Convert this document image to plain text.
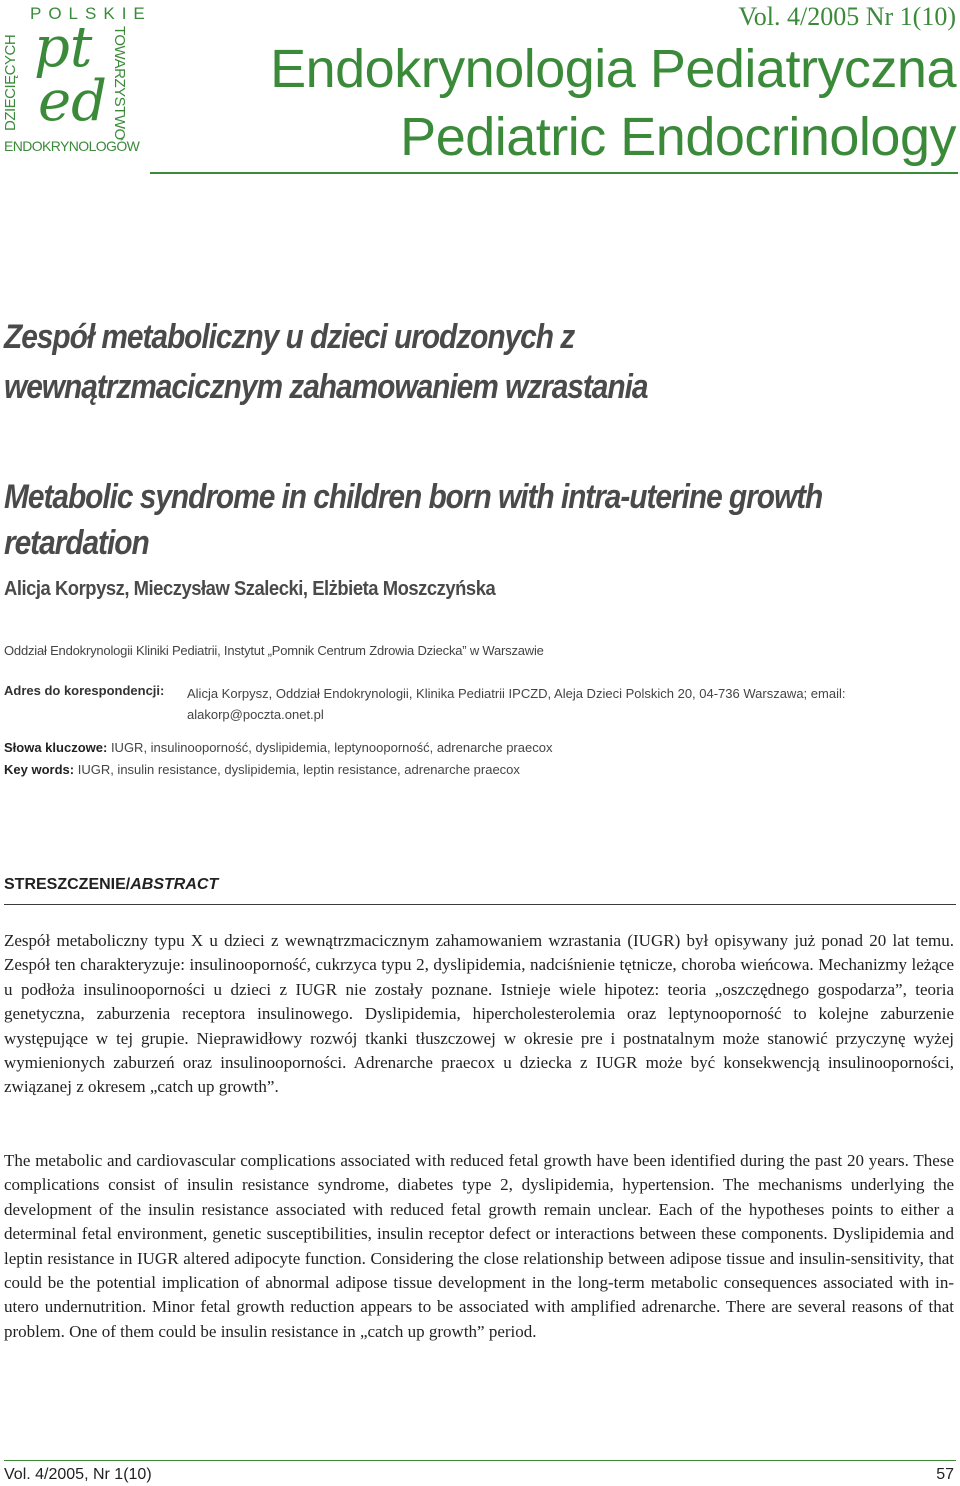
POLSKIE
DZIECIĘCYCH pt
ed TOWARZYSTWO
ENDOKRYNOLOGÓW
Vol. 4/2005 Nr 1(10)
Endokrynologia Pediatryczna
Pediatric Endocrinology
Zespół metaboliczny u dzieci urodzonych z wewnątrzmacicznym zahamowaniem wzrastania
Metabolic syndrome in children born with intra-uterine growth retardation
Alicja Korpysz, Mieczysław Szalecki, Elżbieta Moszczyńska
Oddział Endokrynologii Kliniki Pediatrii, Instytut „Pomnik Centrum Zdrowia Dziecka” w Warszawie
Adres do korespondencji: Alicja Korpysz, Oddział Endokrynologii, Klinika Pediatrii IPCZD, Aleja Dzieci Polskich 20, 04-736 Warszawa; email: alakorp@poczta.onet.pl
Słowa kluczowe: IUGR, insulinooporność, dyslipidemia, leptynooporność, adrenarche praecox
Key words: IUGR, insulin resistance, dyslipidemia, leptin resistance, adrenarche praecox
STRESZCZENIE/ABSTRACT

Zespół metaboliczny typu X u dzieci z wewnątrzmacicznym zahamowaniem wzrastania (IUGR) był opisywany już ponad 20 lat temu. Zespół ten charakteryzuje: insulinooporność, cukrzyca typu 2, dyslipidemia, nadciśnienie tętnicze, choroba wieńcowa. Mechanizmy leżące u podłoża insulinooporności u dzieci z IUGR nie zostały poznane. Istnieje wiele hipotez: teoria „oszczędnego gospodarza”, teoria genetyczna, zaburzenia receptora insulinowego. Dyslipidemia, hipercholesterolemia oraz leptynooporność to kolejne zaburzenie występujące w tej grupie. Nieprawidłowy rozwój tkanki tłuszczowej w okresie pre i postnatalnym może stanowić przyczynę wyżej wymienionych zaburzeń oraz insulinooporności. Adrenarche praecox u dziecka z IUGR może być konsekwencją insulinooporności, związanej z okresem „catch up growth”.

The metabolic and cardiovascular complications associated with reduced fetal growth have been identified during the past 20 years. These complications consist of insulin resistance syndrome, diabetes type 2, dyslipidemia, hypertension. The mechanisms underlying the development of the insulin resistance associated with reduced fetal growth remain unclear. Each of the hypotheses points to either a determinal fetal environment, genetic susceptibilities, insulin receptor defect or interactions between these components. Dyslipidemia and leptin resistance in IUGR altered adipocyte function. Considering the close relationship between adipose tissue and insulin-sensitivity, that could be the potential implication of abnormal adipose tissue development in the long-term metabolic consequences associated with in-utero undernutrition. Minor fetal growth reduction appears to be associated with amplified adrenarche. There are several reasons of that problem. One of them could be insulin resistance in „catch up growth” period.

Vol. 4/2005, Nr 1(10)	57
